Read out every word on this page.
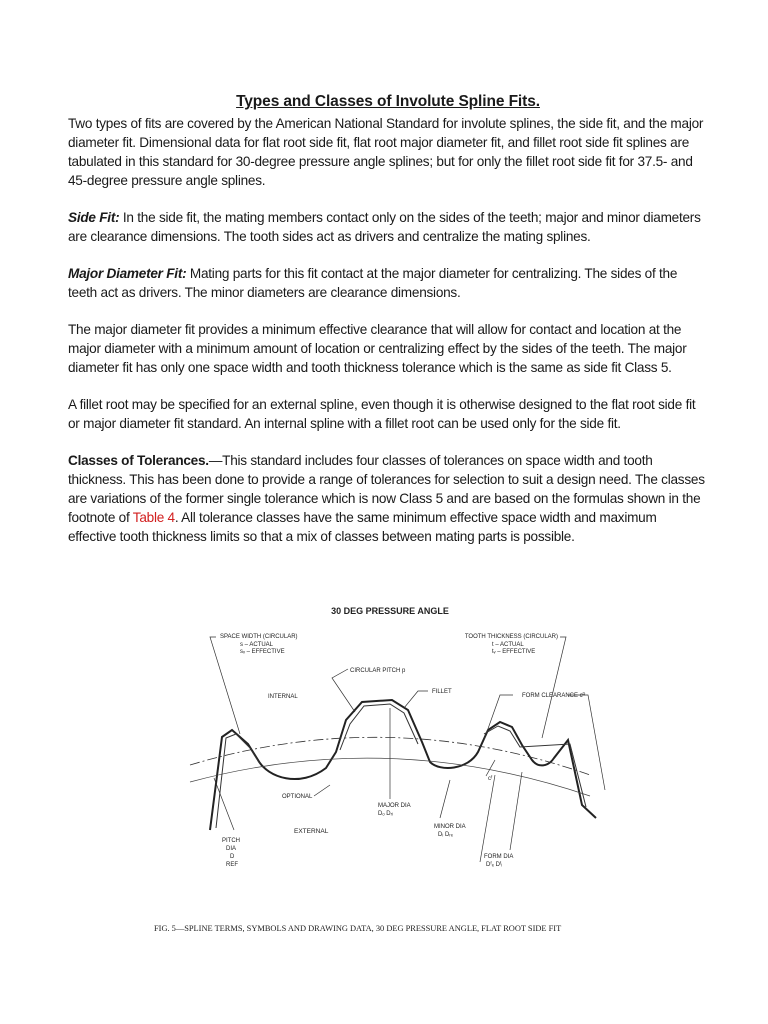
Types and Classes of Involute Spline Fits.

Two types of fits are covered by the American National Standard for involute splines, the side fit, and the major diameter fit. Dimensional data for flat root side fit, flat root major diameter fit, and fillet root side fit splines are tabulated in this standard for 30-degree pressure angle splines; but for only the fillet root side fit for 37.5- and 45-degree pressure angle splines.

Side Fit: In the side fit, the mating members contact only on the sides of the teeth; major and minor diameters are clearance dimensions. The tooth sides act as drivers and centralize the mating splines.

Major Diameter Fit: Mating parts for this fit contact at the major diameter for centralizing. The sides of the teeth act as drivers. The minor diameters are clearance dimensions.

The major diameter fit provides a minimum effective clearance that will allow for contact and location at the major diameter with a minimum amount of location or centralizing effect by the sides of the teeth. The major diameter fit has only one space width and tooth thickness tolerance which is the same as side fit Class 5.

A fillet root may be specified for an external spline, even though it is otherwise designed to the flat root side fit or major diameter fit standard. An internal spline with a fillet root can be used only for the side fit.

Classes of Tolerances.—This standard includes four classes of tolerances on space width and tooth thickness. This has been done to provide a range of tolerances for selection to suit a design need. The classes are variations of the former single tolerance which is now Class 5 and are based on the formulas shown in the footnote of Table 4. All tolerance classes have the same minimum effective space width and maximum effective tooth thickness limits so that a mix of classes between mating parts is possible.

30 DEG PRESSURE ANGLE
SPACE WIDTH (CIRCULAR)
s – ACTUAL
sᵥ – EFFECTIVE
TOOTH THICKNESS (CIRCULAR)
t – ACTUAL
tᵥ – EFFECTIVE
CIRCULAR PITCH p
FILLET
FORM CLEARANCE cᴿ
INTERNAL
EXTERNAL
OPTIONAL
MAJOR DIA
Dₒ Dᵣᵢ
MINOR DIA
Dᵢ Dᵣₑ
FORM DIA
Dᶠₑ Dᶠᵢ
PITCH
DIA
D
REF
cᶠ
FIG. 5—SPLINE TERMS, SYMBOLS AND DRAWING DATA, 30 DEG PRESSURE ANGLE, FLAT ROOT SIDE FIT
